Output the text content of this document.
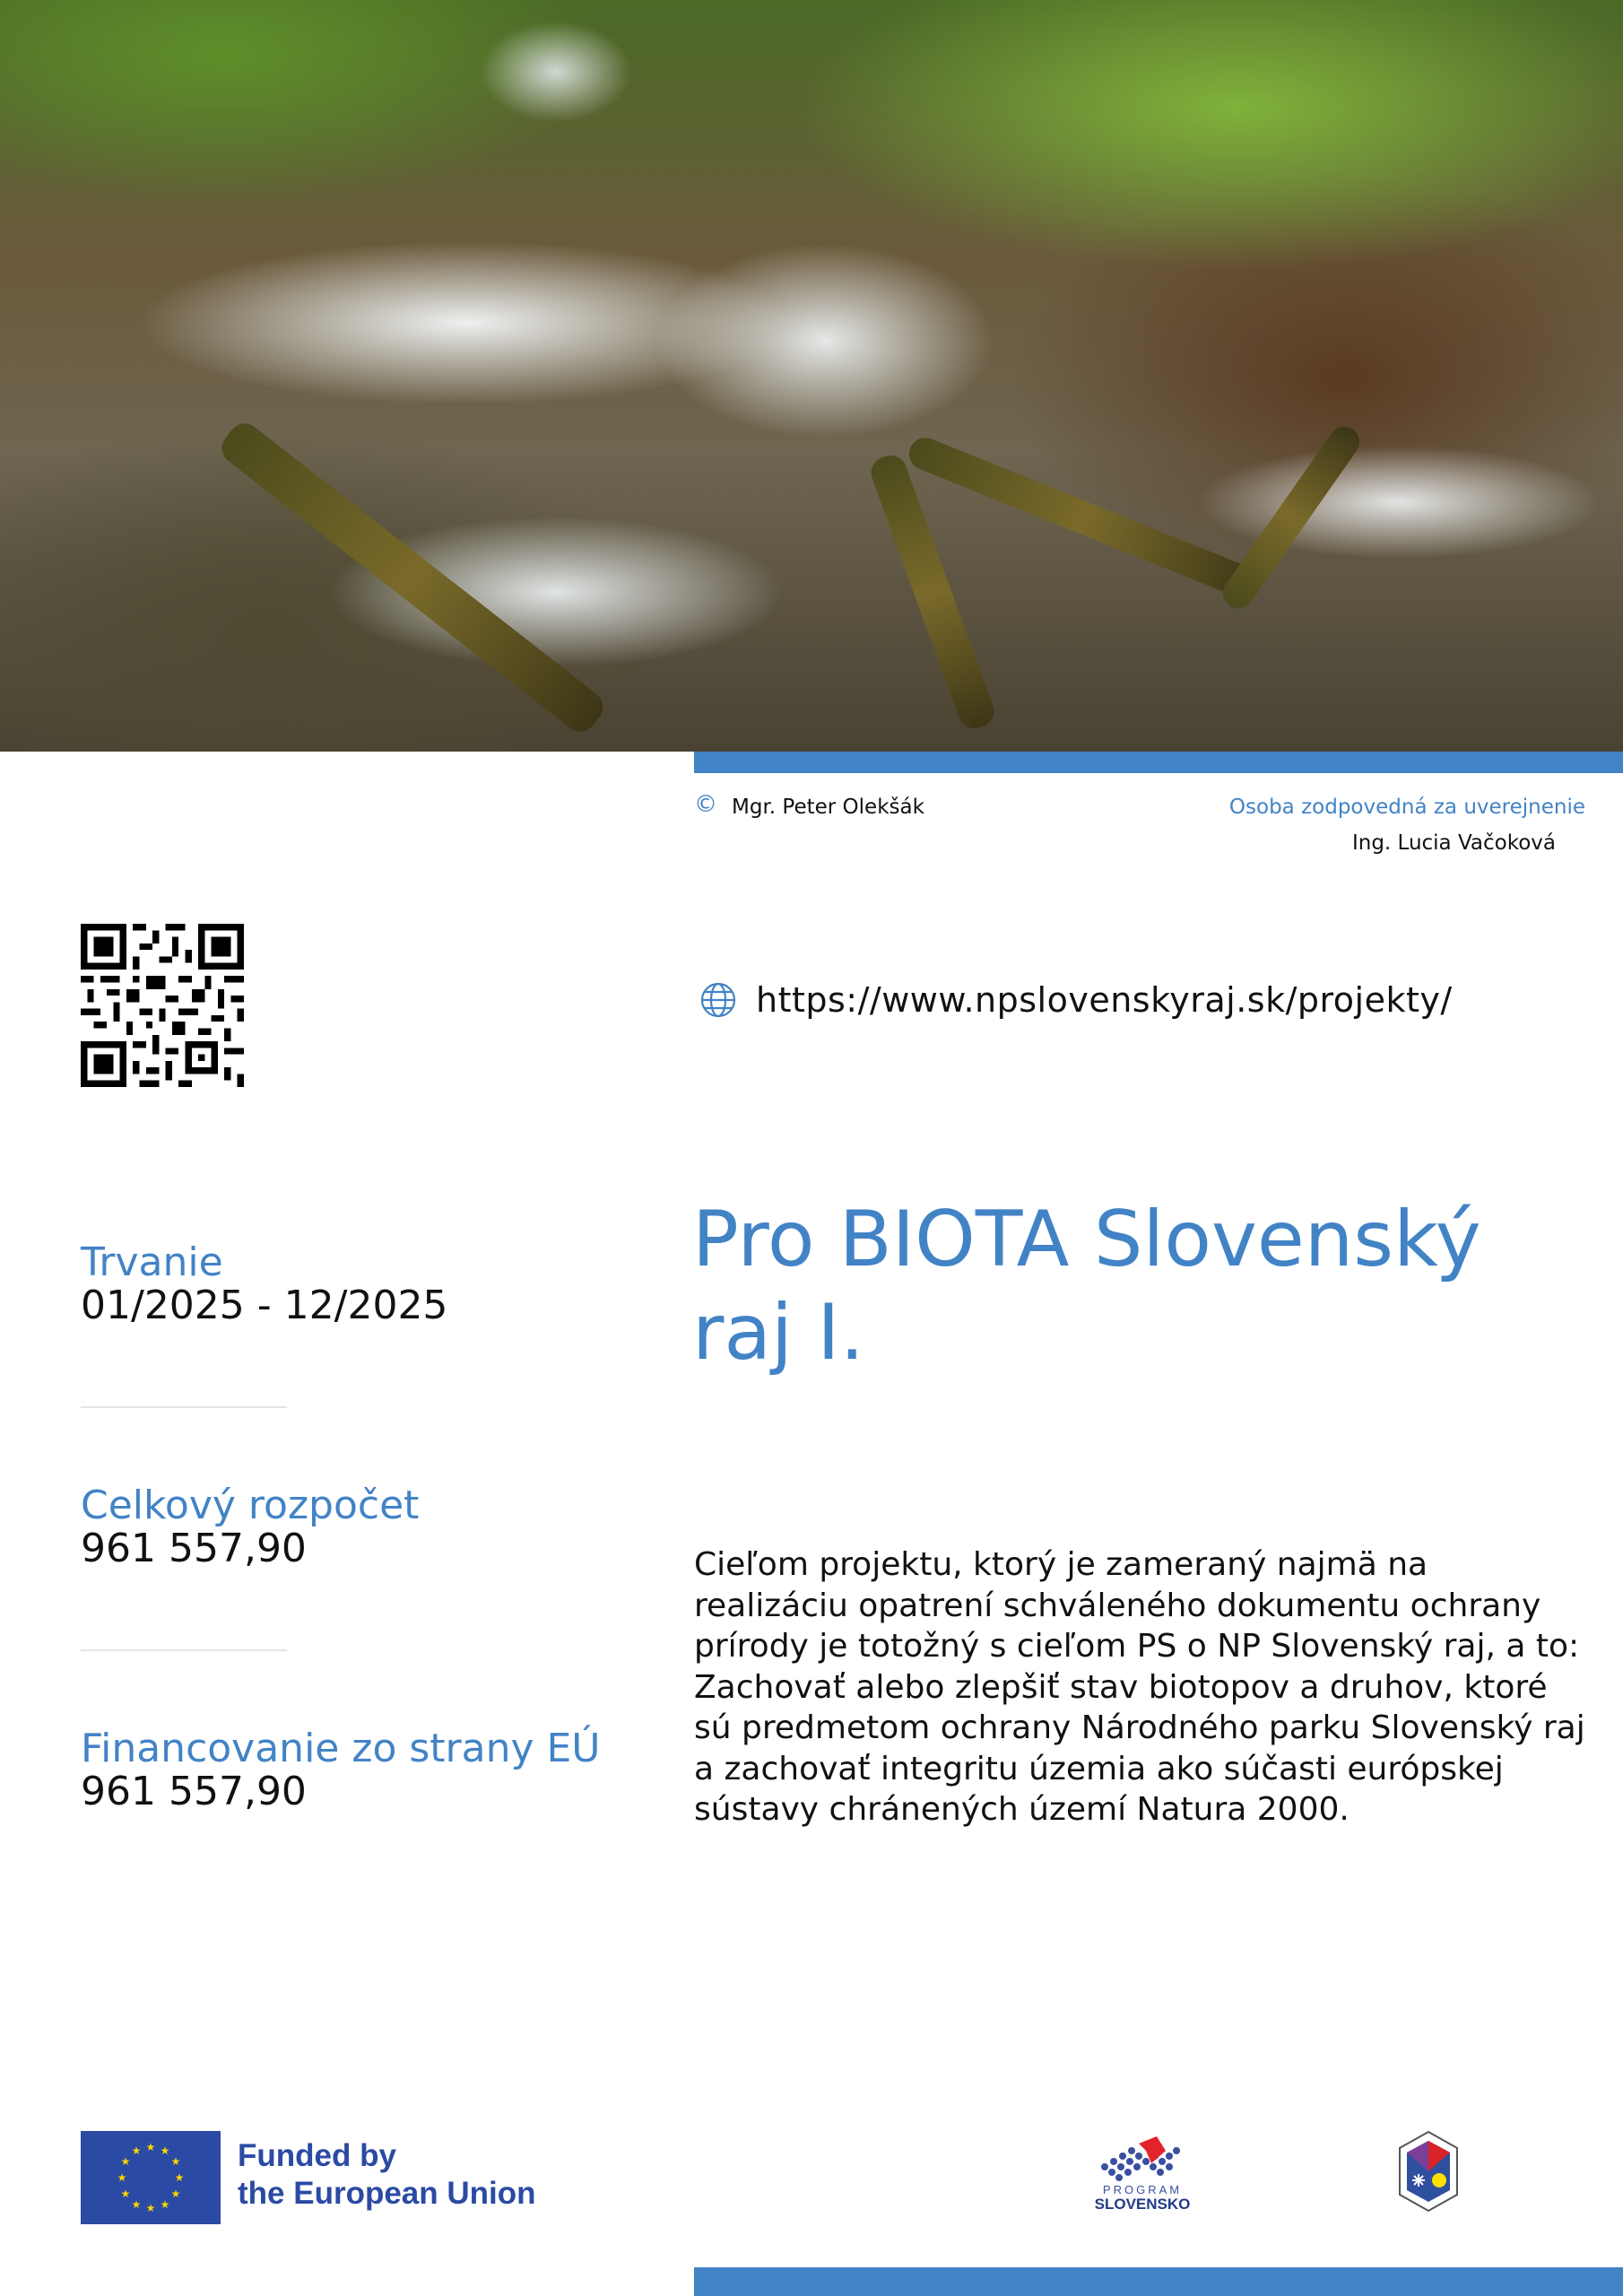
© Mgr. Peter Olekšák	Osoba zodpovedná za uverejnenie
Ing. Lucia Vačoková
https://www.npslovenskyraj.sk/projekty/
Pro BIOTA Slovenský raj I.
Trvanie
01/2025 - 12/2025
Celkový rozpočet
961 557,90
Financovanie zo strany EÚ
961 557,90

Cieľom projektu, ktorý je zameraný najmä na realizáciu opatrení schváleného dokumentu ochrany prírody je totožný s cieľom PS o NP Slovenský raj, a to: Zachovať alebo zlepšiť stav biotopov a druhov, ktoré sú predmetom ochrany Národného parku Slovenský raj a zachovať integritu územia ako súčasti európskej sústavy chránených území Natura 2000.

★ ★
★
★
★
★
★
★
★
★
★
★	Funded by
the European Union	PROGRAM
SLOVENSKO
